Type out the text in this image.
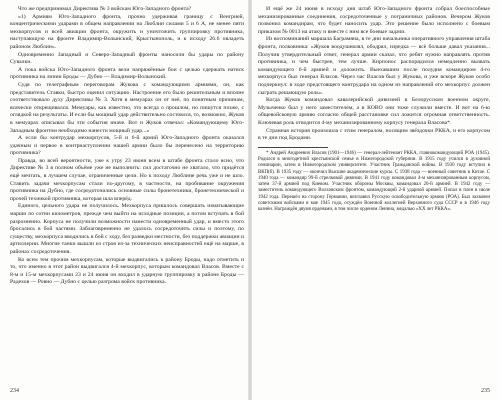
Что же предпринимал Директива № 3 войскам Юго-Западного фронта?

«1) Армиям Юго-Западного фронта, прочно удерживая границу с Венгрией, концентрическими ударами в общем направлении на Люблин силами 5 и 6 А, не менее пяти мехкорпусов и всей авиации фронта, окружить и уничтожить группировку противника, наступающую на фронте Владимир-Волынский, Крыстынополь, и к исходу 26.6 овладеть районом Люблин».

Одновременно Западный и Северо-Западный фронты наносили бы удары по району Сувалки.

А пока войска Юго-Западного фронта вели напряжённые бои с целью сдержать натиск противника на линии Броды — Дубно — Владимир-Волынский.

Судя по телеграфным переговорам Жукова с командующими армиями, он, как представитель Ставки, быстро оценил ситуацию. Настроение его было решительным и вполне соответствовало духу Директивы № 3. Хотя в мемуарах он от неё, по понятным причинам, всячески открещивался. Мемуары, как известно, это всегда о прошлом, но пишутся позже, с оглядкой на результаты. И если бы мощный удар действительно состоялся, то, возможно, Жуков в мемуарах описывал бы эти события иначе. Вот и Жуков отвечал: «Командующему Юго-Западным фронтом необходимо нанести мощный удар...»

А если бы контрудар мехкорпусов, 5-й и 6-й армий Юго-Западного фронта оказался удачным и первое в контрнаступлении нашей армии было бы перенесено на территорию противника?

Правда, во всей вероятности, уже к утру 23 июня всем в штабе фронта стало ясно, что Директиве № 3 в полном объёме уже не выполнить: сил достаточно не хватало, что придётся ещё мечтать, в лучшем случае, ограниченные цели. Но к походу Люблине речь уже и не шло. Ставить задачи мехкорпусам стали по-другому, в частности, на пробивание окружения противника на Дубно, где сосредоточились основные силы бронетехники, бронетехнической и прочей техникой противника, которая шла вперёд.

Единого, цельного удара не получилось. Мехкорпуса пришлось совершать изматывающие марши по сотни километров, прежде чем выйти на исходные позиции, а потом вступать в бой разрозненно. Корпуса не получили возможности нанести одновременный удар, и вместо этого бросались в бой частями. Заблаговременно не удалось сосредоточить силы и поэтому, по существу, мехкорпуса вводились в бой с ходу, без разведки местности, без поддержки авиации и артиллерии. Многие танки вышли из строя из-за технических неисправностей ещё на марше, в районах сосредоточения.

Ко всем тем прочим мехкорпусам, которые выдвигались к району Броды, надо отметить и то, что именно в этот район выдвигался 4-й мехкорпус, которым командовал Власов. Вместе с 8-м и 15-м мехкорпусами 23 и 24 июня он входил в ударную группировку в районе Броды — Радехов — Ровно — Дубно с целью разгрома войск противника.

И ещё же 24 июня в исходу дня штаб Юго-Западного фронта собрал боеспособные механизированные соединения, сосредоточенные у пограничных районов. Вечером Жуков позвонил командирам, что будет наносить удар. Это решение было исполнено с боевым приказом № 0013 на атаку и вместе с ним все боевые задачи.

Из воспоминаний маршала Баграмяна, в те дни начальника оперативного управления штаба фронта, полковника: «Жуков воодушевлял, ободрял, изредка — всё больше давал указания... Получив утвердительный ответ, генерал армии сказал, что ребят нужно направлять против противника, и чем быстрее, тем лучше. Кирпонос распорядился немедленно вызвать командующего 6-й армией и доложить. Выехавшим после полудня командиром 4-го мехкорпуса был генерал Власов. Через час Власов был у Жукова, и уже вскоре Жуков особо подчеркнул: в ходе предстоящего контрудара на одном из направлений его мехкорпус должен сыграть решающую роль».

Когда Жуков командовал кавалерийской дивизией в Белорусском военном округе, Музыченко был у него заместителем, а в КОВО они тоже служили вместе. И вот на 6-ю общевойсковую армию согласно общей расстановке сил ложится огромная ответственность. Ключевая роль отводится 4-му механизированному корпусу генерала Власова*.

Странная история произошла с этим генералом, носящим звёздочки РККА, и его корпусом в те дни под Бродами.

* Андрей Андреевич Власов (1901—1946) — генерал-лейтенант РККА, главнокомандующий РОА (1945). Родился в многодетной крестьянской семье в Нижегородской губернии. В 1915 году учился в духовной семинарии, затем в Нижегородском университете. Участник Гражданской войны. В 1930 году вступил в ВКП(б). В 1935 году — окончил Высшие академические курсы. С 1938 года — военный советник в Китае. С 1940 года — командир 99-й стрелковой дивизии. В 1941 году командовал 4-м механизированным корпусом, затем 37-й армией под Киевом. Участник обороны Москвы, командовал 20-й армией. В 1942 году — заместитель командующего Волховским фронтом, командующий 2-й ударной армией. Попал в плен в июле 1942 года. Перешёл на сторону Германии, возглавил Русскую освободительную армию (РОА). Был захвачен советскими войсками в мае 1945 года, осуждён Военной коллегией Верховного суда СССР и в 1946 году казнён. Награждён двумя орденами, в том числе орденом Ленина, медалью «ХХ лет РККА».

234	235
